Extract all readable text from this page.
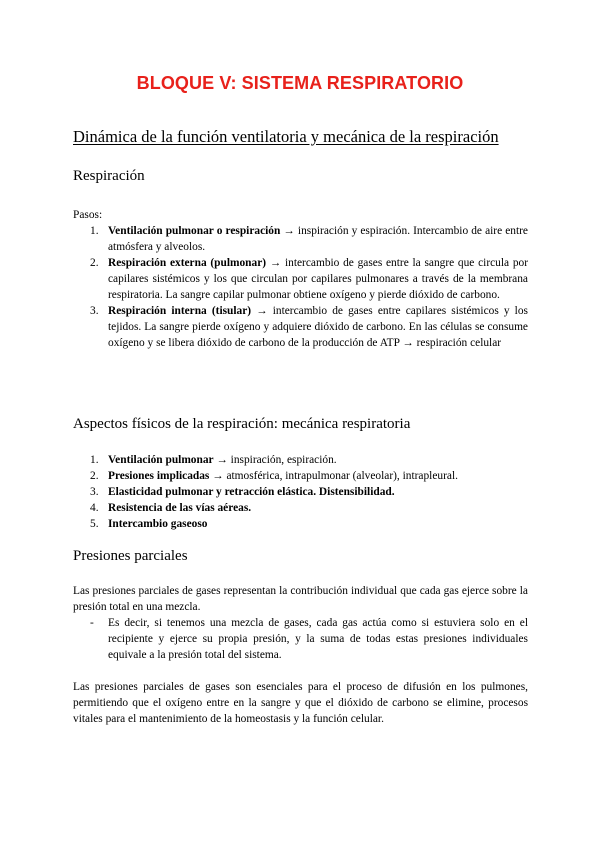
BLOQUE V: SISTEMA RESPIRATORIO
Dinámica de la función ventilatoria y mecánica de la respiración
Respiración
Pasos:
1. Ventilación pulmonar o respiración → inspiración y espiración. Intercambio de aire entre atmósfera y alveolos.
2. Respiración externa (pulmonar) → intercambio de gases entre la sangre que circula por capilares sistémicos y los que circulan por capilares pulmonares a través de la membrana respiratoria. La sangre capilar pulmonar obtiene oxígeno y pierde dióxido de carbono.
3. Respiración interna (tisular) → intercambio de gases entre capilares sistémicos y los tejidos. La sangre pierde oxígeno y adquiere dióxido de carbono. En las células se consume oxígeno y se libera dióxido de carbono de la producción de ATP → respiración celular
Aspectos físicos de la respiración: mecánica respiratoria
1. Ventilación pulmonar → inspiración, espiración.
2. Presiones implicadas → atmosférica, intrapulmonar (alveolar), intrapleural.
3. Elasticidad pulmonar y retracción elástica. Distensibilidad.
4. Resistencia de las vías aéreas.
5. Intercambio gaseoso
Presiones parciales
Las presiones parciales de gases representan la contribución individual que cada gas ejerce sobre la presión total en una mezcla.
- Es decir, si tenemos una mezcla de gases, cada gas actúa como si estuviera solo en el recipiente y ejerce su propia presión, y la suma de todas estas presiones individuales equivale a la presión total del sistema.
Las presiones parciales de gases son esenciales para el proceso de difusión en los pulmones, permitiendo que el oxígeno entre en la sangre y que el dióxido de carbono se elimine, procesos vitales para el mantenimiento de la homeostasis y la función celular.
